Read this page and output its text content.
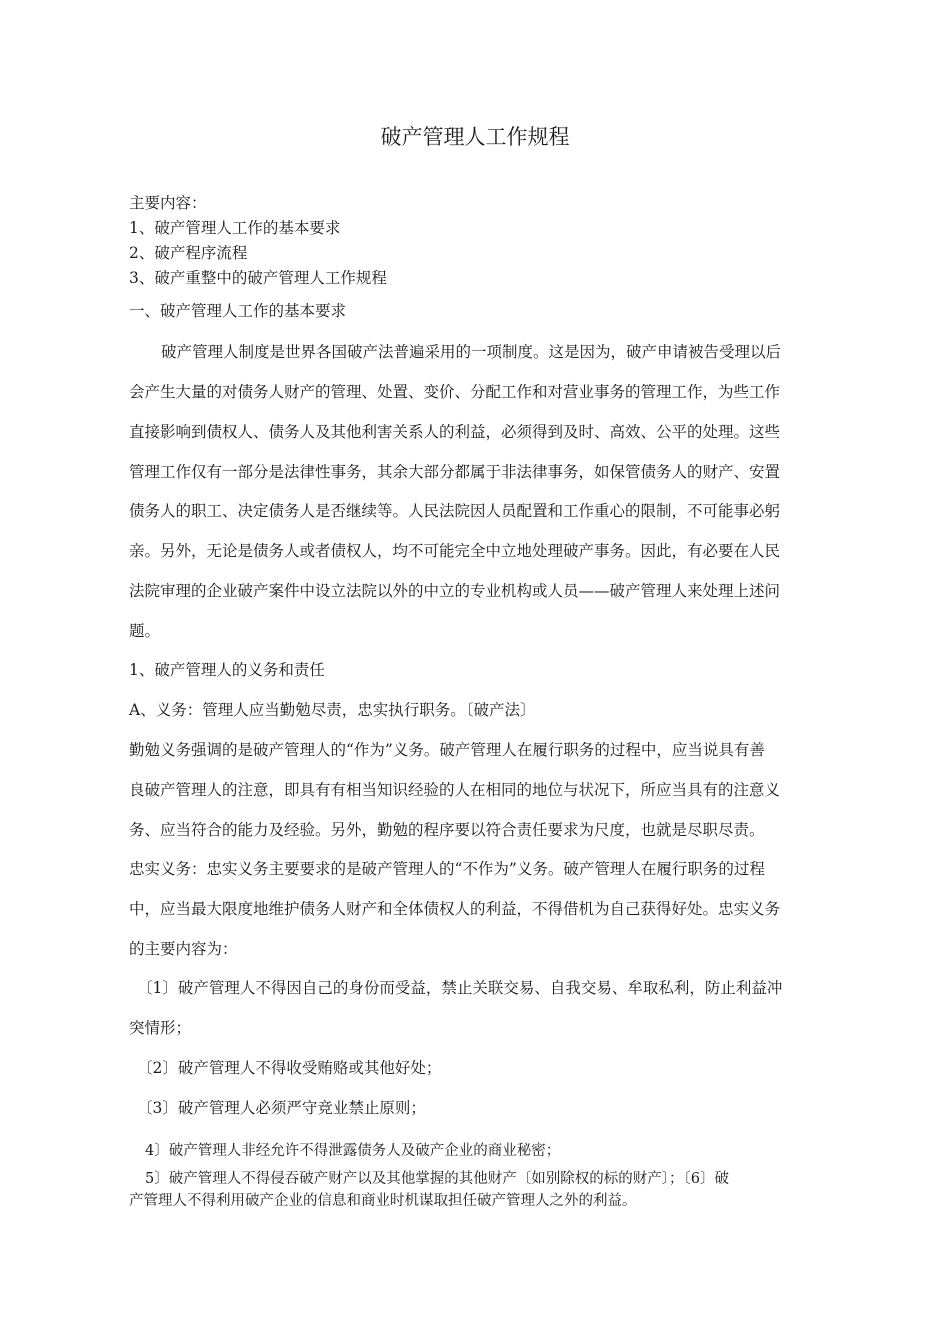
破产管理人工作规程
主要内容：
1、破产管理人工作的基本要求
2、破产程序流程
3、破产重整中的破产管理人工作规程
一、破产管理人工作的基本要求
破产管理人制度是世界各国破产法普遍采用的一项制度。这是因为，破产申请被告受理以后
会产生大量的对债务人财产的管理、处置、变价、分配工作和对营业事务的管理工作，为些工作
直接影响到债权人、债务人及其他利害关系人的利益，必须得到及时、高效、公平的处理。这些
管理工作仅有一部分是法律性事务，其余大部分都属于非法律事务，如保管债务人的财产、安置
债务人的职工、决定债务人是否继续等。人民法院因人员配置和工作重心的限制，不可能事必躬
亲。另外，无论是债务人或者债权人，均不可能完全中立地处理破产事务。因此，有必要在人民
法院审理的企业破产案件中设立法院以外的中立的专业机构或人员——破产管理人来处理上述问
题。
1、破产管理人的义务和责任
A、义务：管理人应当勤勉尽责，忠实执行职务。〔破产法〕
勤勉义务强调的是破产管理人的“作为”义务。破产管理人在履行职务的过程中，应当说具有善
良破产管理人的注意，即具有有相当知识经验的人在相同的地位与状况下，所应当具有的注意义
务、应当符合的能力及经验。另外，勤勉的程序要以符合责任要求为尺度，也就是尽职尽责。
忠实义务：忠实义务主要要求的是破产管理人的“不作为”义务。破产管理人在履行职务的过程
中，应当最大限度地维护债务人财产和全体债权人的利益，不得借机为自己获得好处。忠实义务
的主要内容为：
〔1〕破产管理人不得因自己的身份而受益，禁止关联交易、自我交易、牟取私利，防止利益冲
突情形；
〔2〕破产管理人不得收受贿赂或其他好处；
〔3〕破产管理人必须严守竞业禁止原则；
4〕破产管理人非经允许不得泄露债务人及破产企业的商业秘密；
5〕破产管理人不得侵吞破产财产以及其他掌握的其他财产〔如别除权的标的财产〕；〔6〕破
产管理人不得利用破产企业的信息和商业时机谋取担任破产管理人之外的利益。
